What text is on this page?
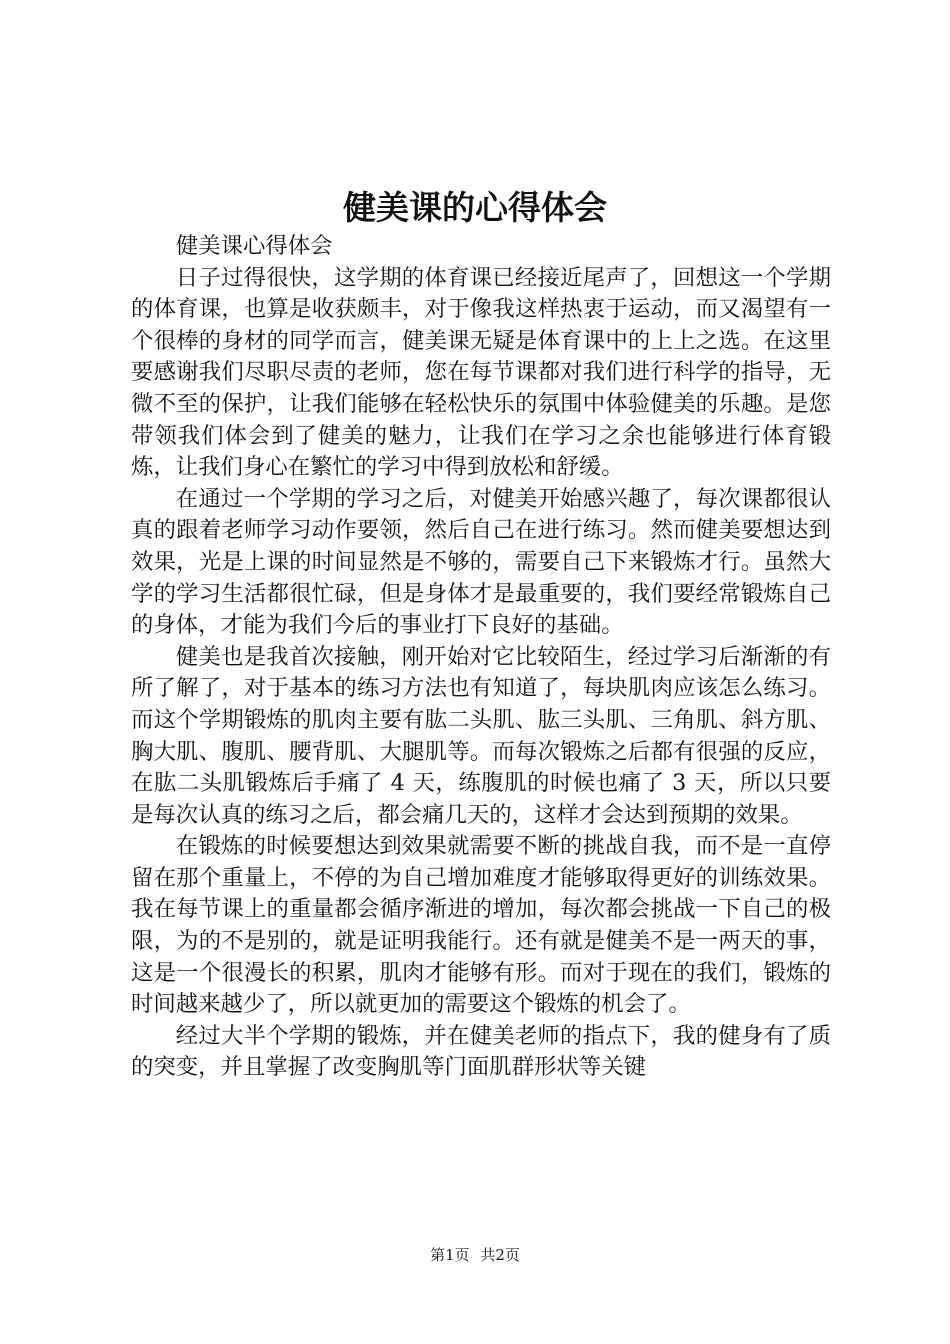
健美课的心得体会

健美课心得体会

日子过得很快，这学期的体育课已经接近尾声了，回想这一个学期的体育课，也算是收获颇丰，对于像我这样热衷于运动，而又渴望有一个很棒的身材的同学而言，健美课无疑是体育课中的上上之选。在这里要感谢我们尽职尽责的老师，您在每节课都对我们进行科学的指导，无微不至的保护，让我们能够在轻松快乐的氛围中体验健美的乐趣。是您带领我们体会到了健美的魅力，让我们在学习之余也能够进行体育锻炼，让我们身心在繁忙的学习中得到放松和舒缓。

在通过一个学期的学习之后，对健美开始感兴趣了，每次课都很认真的跟着老师学习动作要领，然后自己在进行练习。然而健美要想达到效果，光是上课的时间显然是不够的，需要自己下来锻炼才行。虽然大学的学习生活都很忙碌，但是身体才是最重要的，我们要经常锻炼自己的身体，才能为我们今后的事业打下良好的基础。

健美也是我首次接触，刚开始对它比较陌生，经过学习后渐渐的有所了解了，对于基本的练习方法也有知道了，每块肌肉应该怎么练习。而这个学期锻炼的肌肉主要有肱二头肌、肱三头肌、三角肌、斜方肌、胸大肌、腹肌、腰背肌、大腿肌等。而每次锻炼之后都有很强的反应，在肱二头肌锻炼后手痛了 4 天，练腹肌的时候也痛了 3 天，所以只要是每次认真的练习之后，都会痛几天的，这样才会达到预期的效果。

在锻炼的时候要想达到效果就需要不断的挑战自我，而不是一直停留在那个重量上，不停的为自己增加难度才能够取得更好的训练效果。我在每节课上的重量都会循序渐进的增加，每次都会挑战一下自己的极限，为的不是别的，就是证明我能行。还有就是健美不是一两天的事，这是一个很漫长的积累，肌肉才能够有形。而对于现在的我们，锻炼的时间越来越少了，所以就更加的需要这个锻炼的机会了。

经过大半个学期的锻炼，并在健美老师的指点下，我的健身有了质的突变，并且掌握了改变胸肌等门面肌群形状等关键

第1页 共2页
